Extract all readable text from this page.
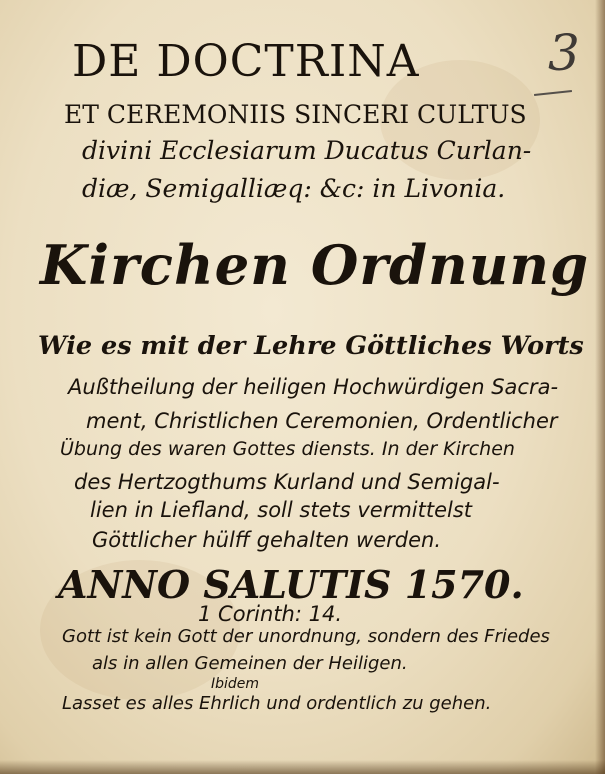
3
DE DOCTRINA
ET CEREMONIIS SINCERI CULTUS
divini Ecclesiarum Ducatus Curlan-
diæ, Semigalliæq: &c: in Livonia.
Kirchen Ordnung
Wie es mit der Lehre Göttliches Worts
Außtheilung der heiligen Hochwürdigen Sacra-
ment, Christlichen Ceremonien, Ordentlicher
Übung des waren Gottes diensts. In der Kirchen
des Hertzogthums Kurland und Semigal-
lien in Liefland, soll stets vermittelst
Göttlicher hülff gehalten werden.
ANNO SALUTIS 1570.
1 Corinth: 14.
Gott ist kein Gott der unordnung, sondern des Friedes
als in allen Gemeinen der Heiligen.
Ibidem
Lasset es alles Ehrlich und ordentlich zu gehen.
